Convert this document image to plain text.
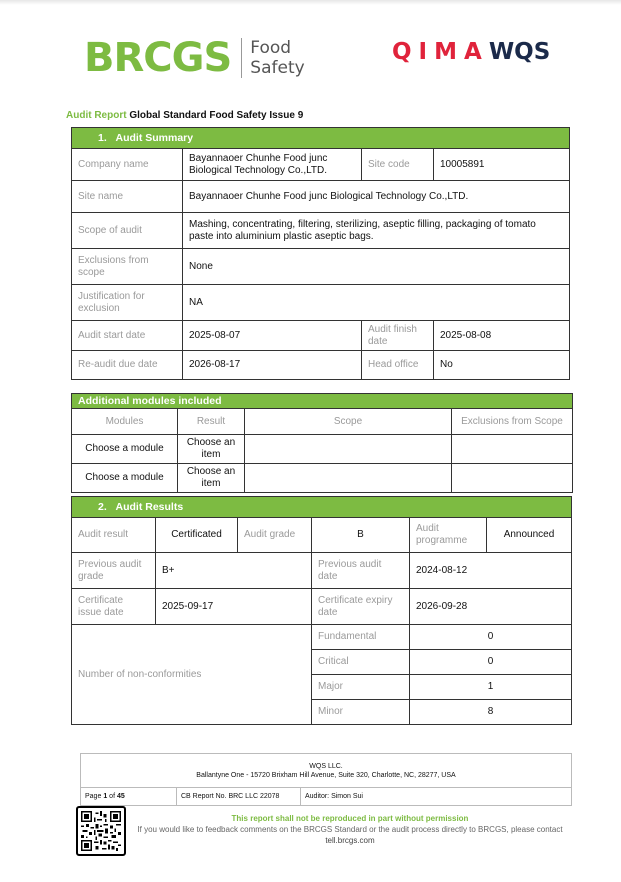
BRCGS Food
Safety
QIMAWQS
Audit Report Global Standard Food Safety Issue 9
1.   Audit Summary			
Company name	Bayannaoer Chunhe Food junc Biological Technology Co.,LTD.	Site code	10005891
Site name	Bayannaoer Chunhe Food junc Biological Technology Co.,LTD.		
Scope of audit	Mashing, concentrating, filtering, sterilizing, aseptic filling, packaging of tomato paste into aluminium plastic aseptic bags.		
Exclusions from scope	None		
Justification for exclusion	NA		
Audit start date	2025-08-07	Audit finish date	2025-08-08
Re-audit due date	2026-08-17	Head office	No
Additional modules included			
Modules	Result	Scope	Exclusions from Scope
Choose a module	Choose an item		
Choose a module	Choose an item		
2.   Audit Results					
Audit result	Certificated	Audit grade	B	Audit programme	Announced
Previous audit grade	B+		Previous audit date	2024-08-12	
Certificate issue date	2025-09-17		Certificate expiry date	2026-09-28	
Number of non-conformities			Fundamental	0	
			Critical	0	
			Major	1	
			Minor	8	
WQS LLC.
Ballantyne One - 15720 Brixham Hill Avenue, Suite 320, Charlotte, NC, 28277, USA
Page 1 of 45	CB Report No. BRC LLC 22078	Auditor: Simon Sui
This report shall not be reproduced in part without permission
If you would like to feedback comments on the BRCGS Standard or the audit process directly to BRCGS, please contact tell.brcgs.com
